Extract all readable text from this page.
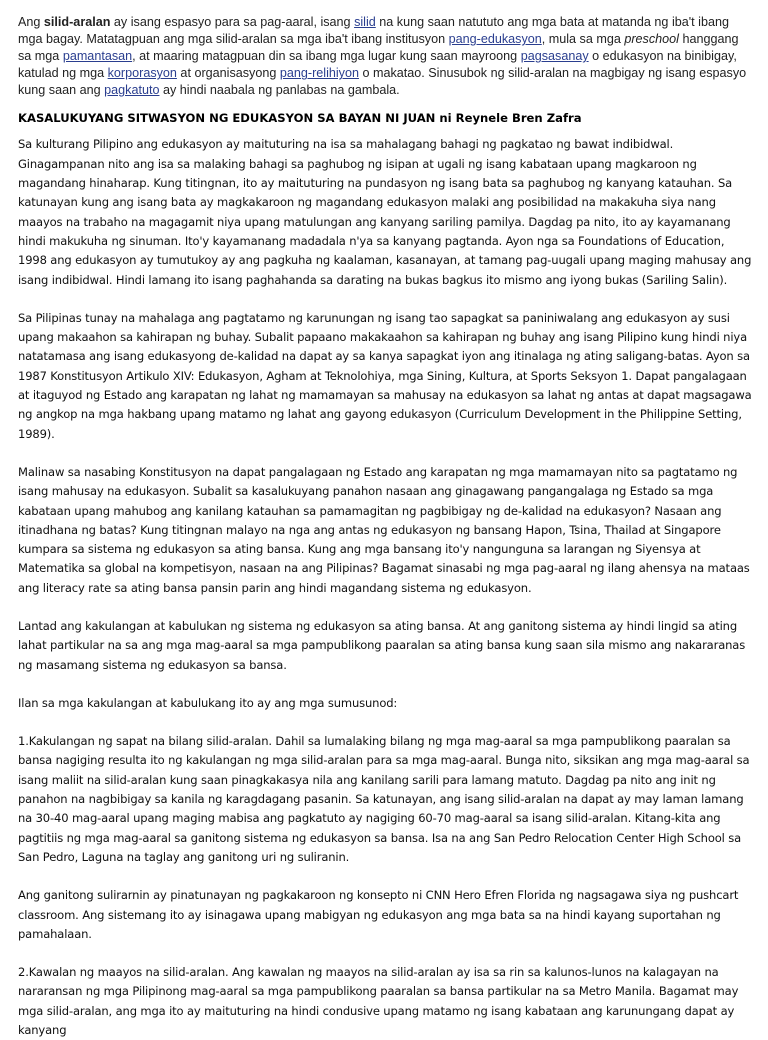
Ang silid-aralan ay isang espasyo para sa pag-aaral, isang silid na kung saan natututo ang mga bata at matanda ng iba't ibang mga bagay. Matatagpuan ang mga silid-aralan sa mga iba't ibang institusyon pang-edukasyon, mula sa mga preschool hanggang sa mga pamantasan, at maaring matagpuan din sa ibang mga lugar kung saan mayroong pagsasanay o edukasyon na binibigay, katulad ng mga korporasyon at organisasyong pang-relihiyon o makatao. Sinusubok ng silid-aralan na magbigay ng isang espasyo kung saan ang pagkatuto ay hindi naabala ng panlabas na gambala.

KASALUKUYANG SITWASYON NG EDUKASYON SA BAYAN NI JUAN ni Reynele Bren Zafra

Sa kulturang Pilipino ang edukasyon ay maituturing na isa sa mahalagang bahagi ng pagkatao ng bawat indibidwal. Ginagampanan nito ang isa sa malaking bahagi sa paghubog ng isipan at ugali ng isang kabataan upang magkaroon ng magandang hinaharap. Kung titingnan, ito ay maituturing na pundasyon ng isang bata sa paghubog ng kanyang katauhan. Sa katunayan kung ang isang bata ay magkakaroon ng magandang edukasyon malaki ang posibilidad na makakuha siya nang maayos na trabaho na magagamit niya upang matulungan ang kanyang sariling pamilya. Dagdag pa nito, ito ay kayamanang hindi makukuha ng sinuman. Ito'y kayamanang madadala n'ya sa kanyang pagtanda. Ayon nga sa Foundations of Education, 1998 ang edukasyon ay tumutukoy ay ang pagkuha ng kaalaman, kasanayan, at tamang pag-uugali upang maging mahusay ang isang indibidwal. Hindi lamang ito isang paghahanda sa darating na bukas bagkus ito mismo ang iyong bukas (Sariling Salin).

Sa Pilipinas tunay na mahalaga ang pagtatamo ng karunungan ng isang tao sapagkat sa paniniwalang ang edukasyon ay susi upang makaahon sa kahirapan ng buhay. Subalit papaano makakaahon sa kahirapan ng buhay ang isang Pilipino kung hindi niya natatamasa ang isang edukasyong de-kalidad na dapat ay sa kanya sapagkat iyon ang itinalaga ng ating saligang-batas. Ayon sa 1987 Konstitusyon Artikulo XIV: Edukasyon, Agham at Teknolohiya, mga Sining, Kultura, at Sports Seksyon 1. Dapat pangalagaan at itaguyod ng Estado ang karapatan ng lahat ng mamamayan sa mahusay na edukasyon sa lahat ng antas at dapat magsagawa ng angkop na mga hakbang upang matamo ng lahat ang gayong edukasyon (Curriculum Development in the Philippine Setting, 1989).

Malinaw sa nasabing Konstitusyon na dapat pangalagaan ng Estado ang karapatan ng mga mamamayan nito sa pagtatamo ng isang mahusay na edukasyon. Subalit sa kasalukuyang panahon nasaan ang ginagawang pangangalaga ng Estado sa mga kabataan upang mahubog ang kanilang katauhan sa pamamagitan ng pagbibigay ng de-kalidad na edukasyon? Nasaan ang itinadhana ng batas? Kung titingnan malayo na nga ang antas ng edukasyon ng bansang Hapon, Tsina, Thailad at Singapore kumpara sa sistema ng edukasyon sa ating bansa. Kung ang mga bansang ito'y nangunguna sa larangan ng Siyensya at Matematika sa global na kompetisyon, nasaan na ang Pilipinas? Bagamat sinasabi ng mga pag-aaral ng ilang ahensya na mataas ang literacy rate sa ating bansa pansin parin ang hindi magandang sistema ng edukasyon.

Lantad ang kakulangan at kabulukan ng sistema ng edukasyon sa ating bansa. At ang ganitong sistema ay hindi lingid sa ating lahat partikular na sa ang mga mag-aaral sa mga pampublikong paaralan sa ating bansa kung saan sila mismo ang nakararanas ng masamang sistema ng edukasyon sa bansa.

Ilan sa mga kakulangan at kabulukang ito ay ang mga sumusunod:

1.Kakulangan ng sapat na bilang silid-aralan. Dahil sa lumalaking bilang ng mga mag-aaral sa mga pampublikong paaralan sa bansa nagiging resulta ito ng kakulangan ng mga silid-aralan para sa mga mag-aaral. Bunga nito, siksikan ang mga mag-aaral sa isang maliit na silid-aralan kung saan pinagkakasya nila ang kanilang sarili para lamang matuto. Dagdag pa nito ang init ng panahon na nagbibigay sa kanila ng karagdagang pasanin. Sa katunayan, ang isang silid-aralan na dapat ay may laman lamang na 30-40 mag-aaral upang maging mabisa ang pagkatuto ay nagiging 60-70 mag-aaral sa isang silid-aralan. Kitang-kita ang pagtitiis ng mga mag-aaral sa ganitong sistema ng edukasyon sa bansa. Isa na ang San Pedro Relocation Center High School sa San Pedro, Laguna na taglay ang ganitong uri ng suliranin.

Ang ganitong sulirarnin ay pinatunayan ng pagkakaroon ng konsepto ni CNN Hero Efren Florida ng nagsagawa siya ng pushcart classroom. Ang sistemang ito ay isinagawa upang mabigyan ng edukasyon ang mga bata sa na hindi kayang suportahan ng pamahalaan.

2.Kawalan ng maayos na silid-aralan. Ang kawalan ng maayos na silid-aralan ay isa sa rin sa kalunos-lunos na kalagayan na nararansan ng mga Pilipinong mag-aaral sa mga pampublikong paaralan sa bansa partikular na sa Metro Manila. Bagamat may mga silid-aralan, ang mga ito ay maituturing na hindi condusive upang matamo ng isang kabataan ang karunungang dapat ay kanyang
